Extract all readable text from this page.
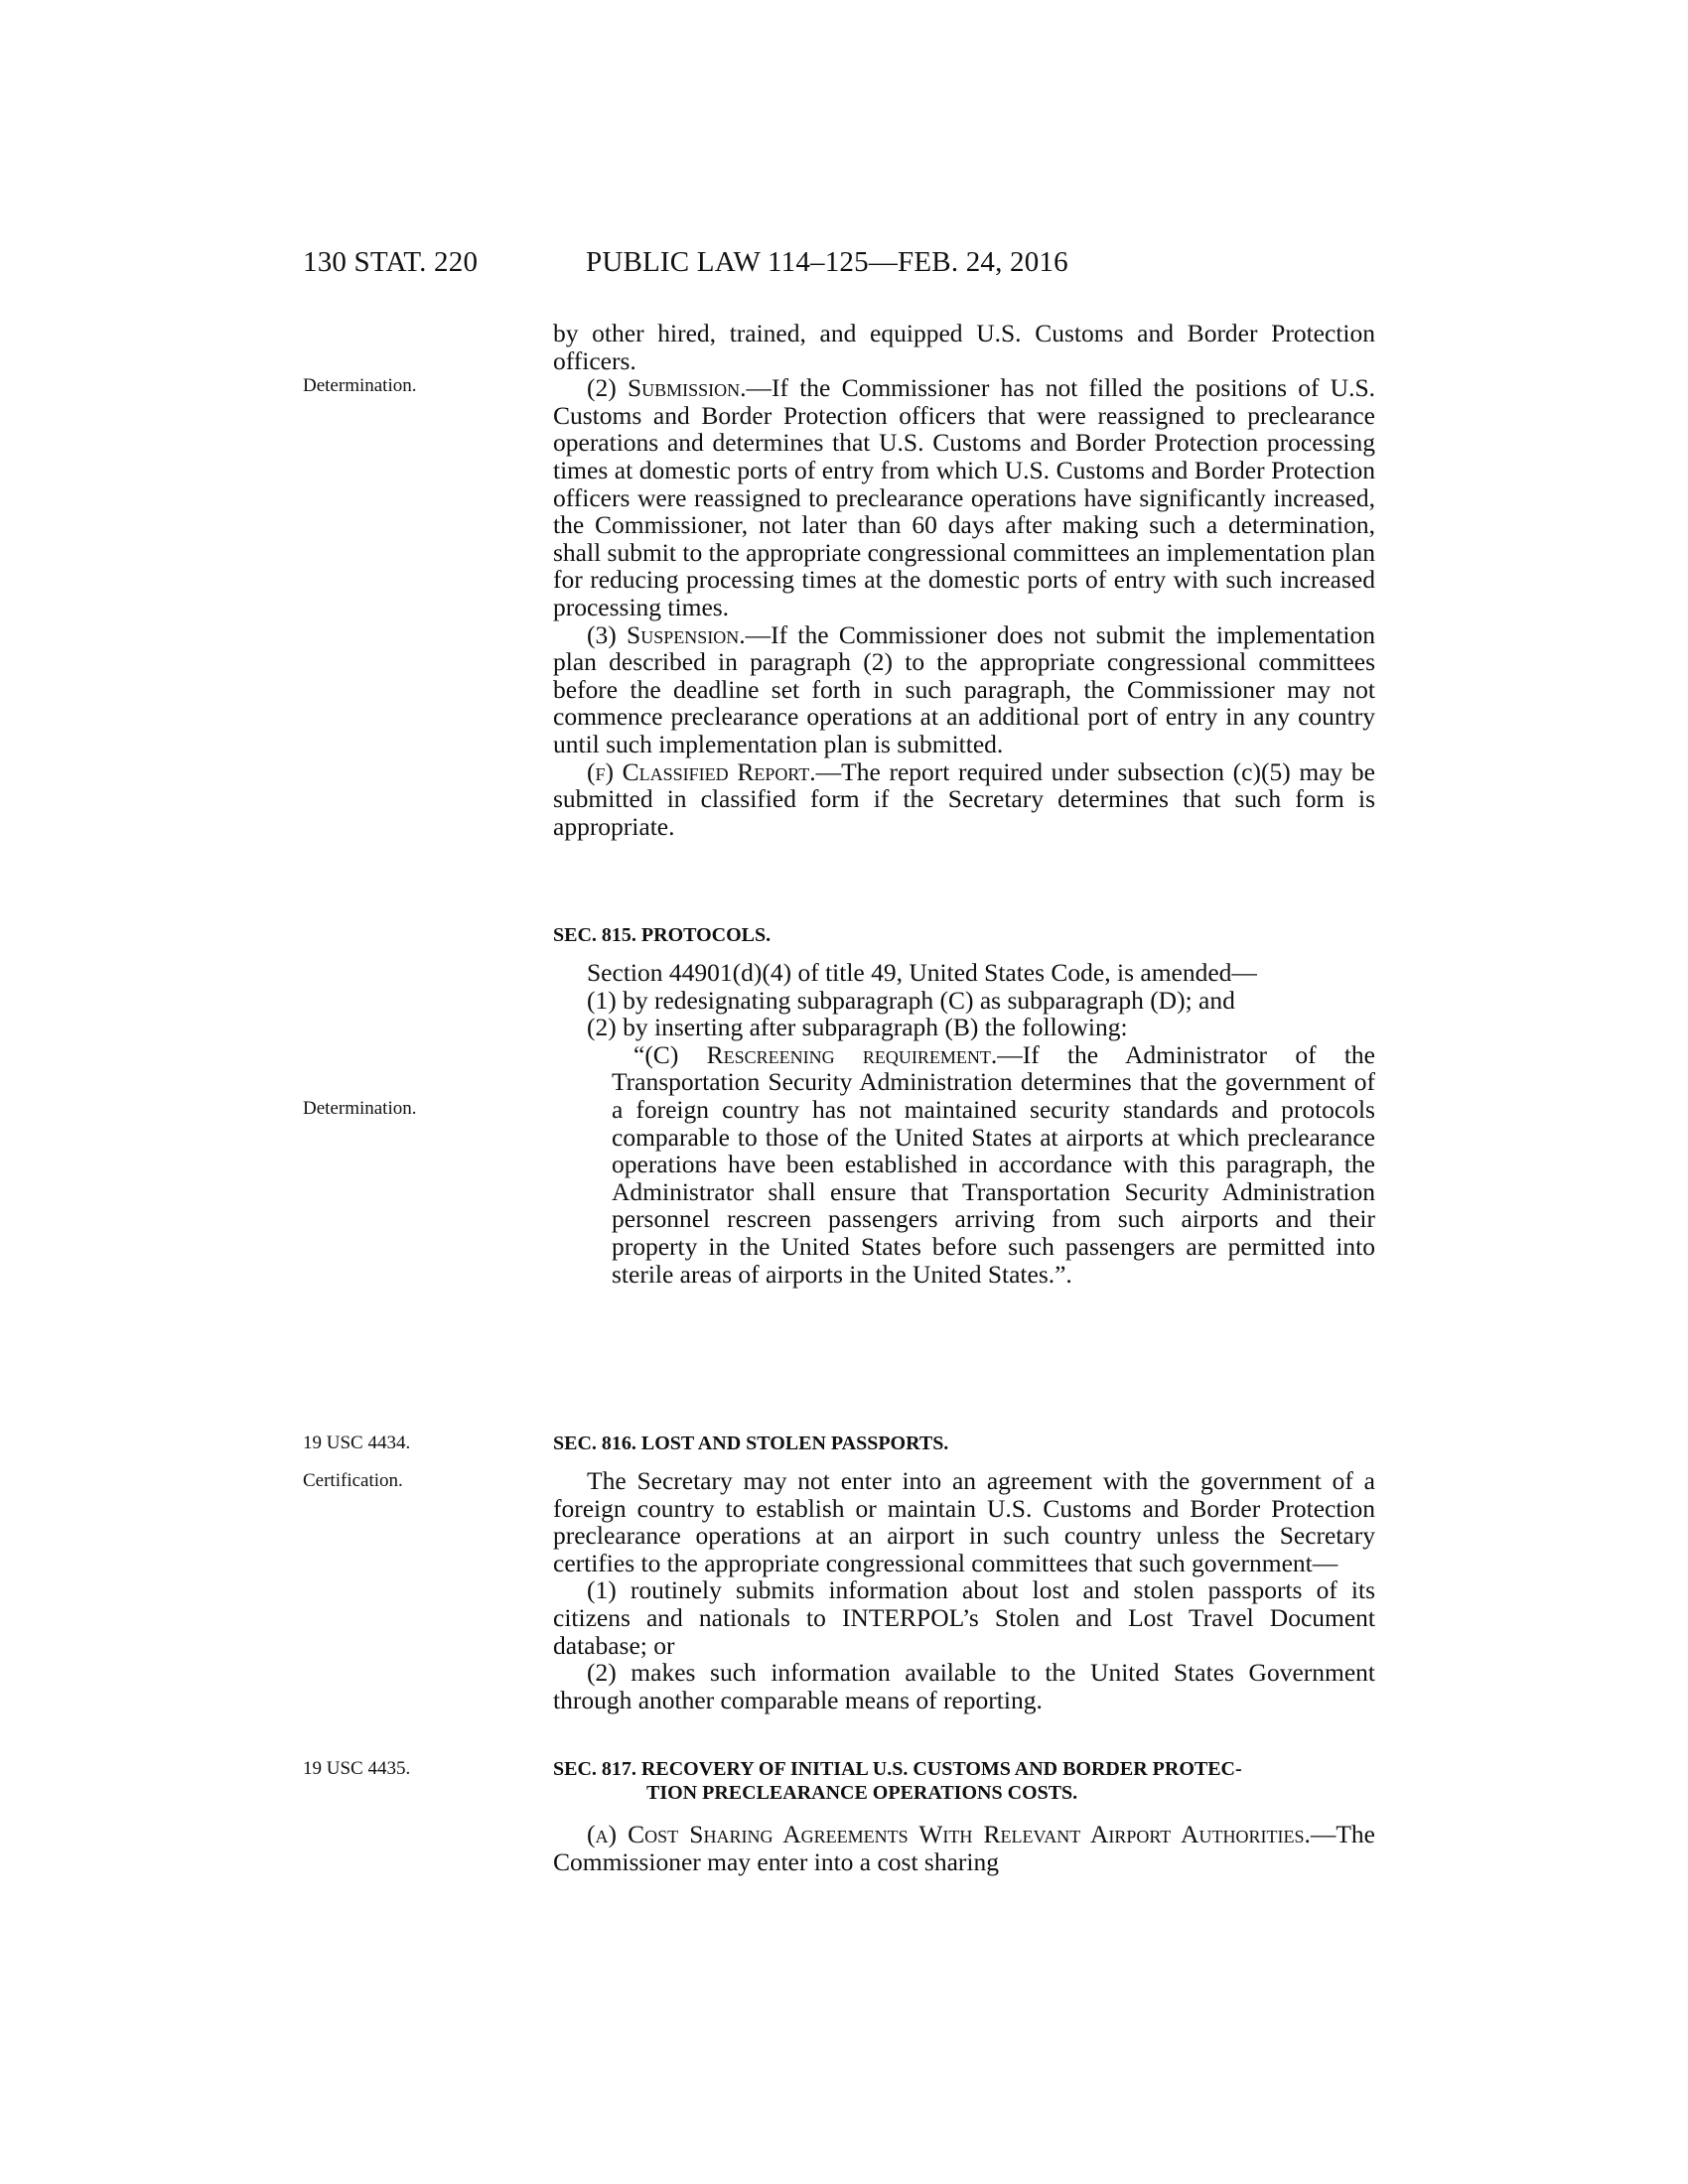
130 STAT. 220	PUBLIC LAW 114–125—FEB. 24, 2016
Determination.
Determination.
19 USC 4434.
Certification.
19 USC 4435.

by other hired, trained, and equipped U.S. Customs and Border Protection officers.

(2) Submission.—If the Commissioner has not filled the positions of U.S. Customs and Border Protection officers that were reassigned to preclearance operations and determines that U.S. Customs and Border Protection processing times at domestic ports of entry from which U.S. Customs and Border Protection officers were reassigned to preclearance operations have significantly increased, the Commissioner, not later than 60 days after making such a determination, shall submit to the appropriate congressional committees an implementation plan for reducing processing times at the domestic ports of entry with such increased processing times.

(3) Suspension.—If the Commissioner does not submit the implementation plan described in paragraph (2) to the appropriate congressional committees before the deadline set forth in such paragraph, the Commissioner may not commence preclearance operations at an additional port of entry in any country until such implementation plan is submitted.

(f) Classified Report.—The report required under subsection (c)(5) may be submitted in classified form if the Secretary determines that such form is appropriate.

SEC. 815. PROTOCOLS.

Section 44901(d)(4) of title 49, United States Code, is amended—

(1) by redesignating subparagraph (C) as subparagraph (D); and

(2) by inserting after subparagraph (B) the following:

“(C) Rescreening requirement.—If the Administrator of the Transportation Security Administration determines that the government of a foreign country has not maintained security standards and protocols comparable to those of the United States at airports at which preclearance operations have been established in accordance with this paragraph, the Administrator shall ensure that Transportation Security Administration personnel rescreen passengers arriving from such airports and their property in the United States before such passengers are permitted into sterile areas of airports in the United States.”.

SEC. 816. LOST AND STOLEN PASSPORTS.

The Secretary may not enter into an agreement with the government of a foreign country to establish or maintain U.S. Customs and Border Protection preclearance operations at an airport in such country unless the Secretary certifies to the appropriate congressional committees that such government—

(1) routinely submits information about lost and stolen passports of its citizens and nationals to INTERPOL’s Stolen and Lost Travel Document database; or

(2) makes such information available to the United States Government through another comparable means of reporting.

SEC. 817. RECOVERY OF INITIAL U.S. CUSTOMS AND BORDER PROTEC-

TION PRECLEARANCE OPERATIONS COSTS.

(a) Cost Sharing Agreements With Relevant Airport Authorities.—The Commissioner may enter into a cost sharing
